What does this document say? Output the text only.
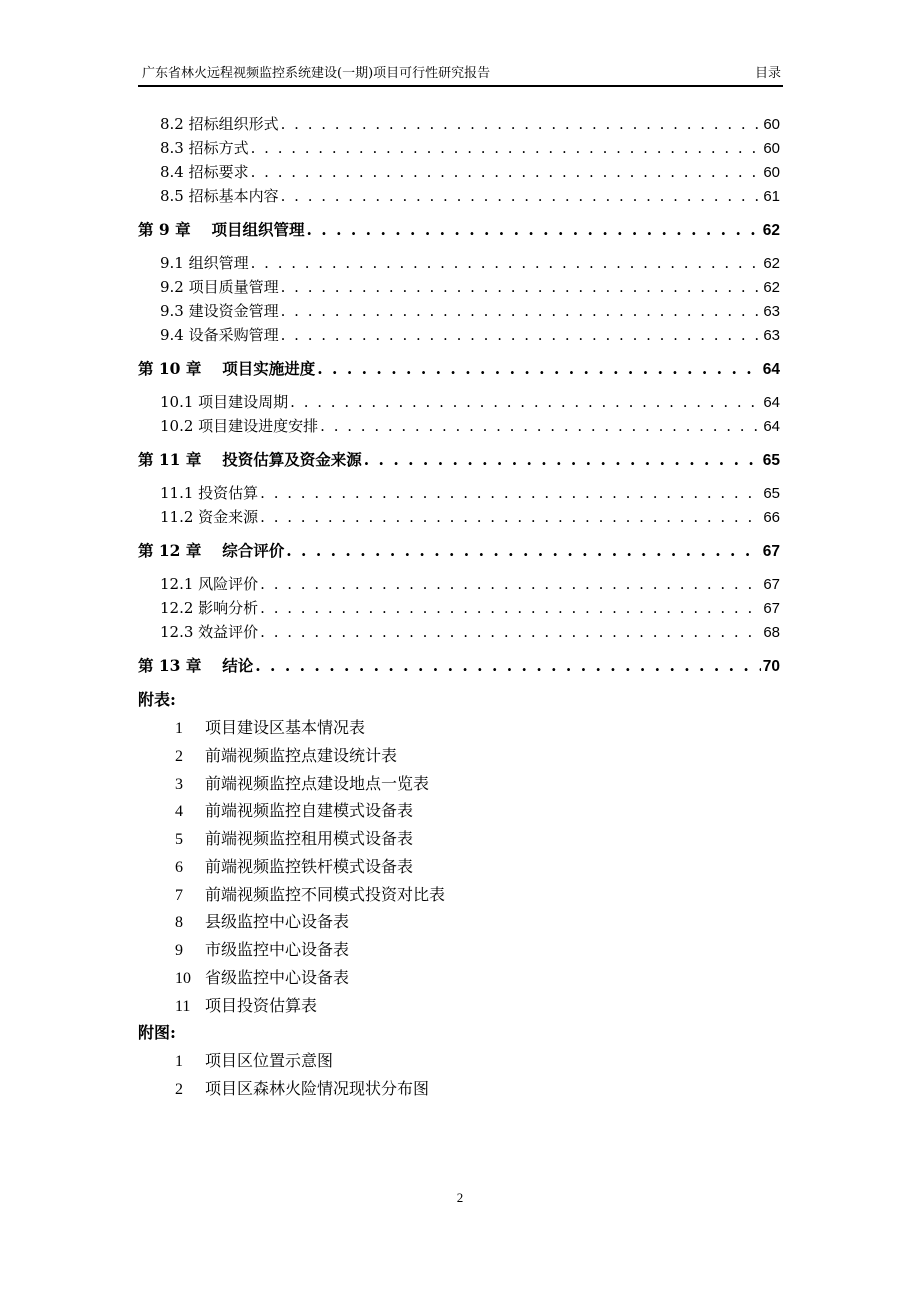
广东省林火远程视频监控系统建设(一期)项目可行性研究报告	目录
8.2 招标组织形式 . . .	60
8.3 招标方式 . . .	60
8.4 招标要求 . . .	60
8.5 招标基本内容 . . .	61
第 9 章　 项目组织管理 . . .	62
9.1 组织管理 . . .	62
9.2 项目质量管理 . . .	62
9.3 建设资金管理 . . .	63
9.4 设备采购管理 . . .	63
第 10 章　 项目实施进度 . . .	64
10.1 项目建设周期 . . .	64
10.2 项目建设进度安排 . . .	64
第 11 章　 投资估算及资金来源 . . .	65
11.1 投资估算 . . .	65
11.2 资金来源 . . .	66
第 12 章　 综合评价 . . .	67
12.1 风险评价 . . .	67
12.2 影响分析 . . .	67
12.3 效益评价 . . .	68
第 13 章　 结论 . . .	70
附表:
1 项目建设区基本情况表
2 前端视频监控点建设统计表
3 前端视频监控点建设地点一览表
4 前端视频监控自建模式设备表
5 前端视频监控租用模式设备表
6 前端视频监控铁杆模式设备表
7 前端视频监控不同模式投资对比表
8 县级监控中心设备表
9 市级监控中心设备表
10 省级监控中心设备表
11 项目投资估算表
附图:
1 项目区位置示意图
2 项目区森林火险情况现状分布图
2
